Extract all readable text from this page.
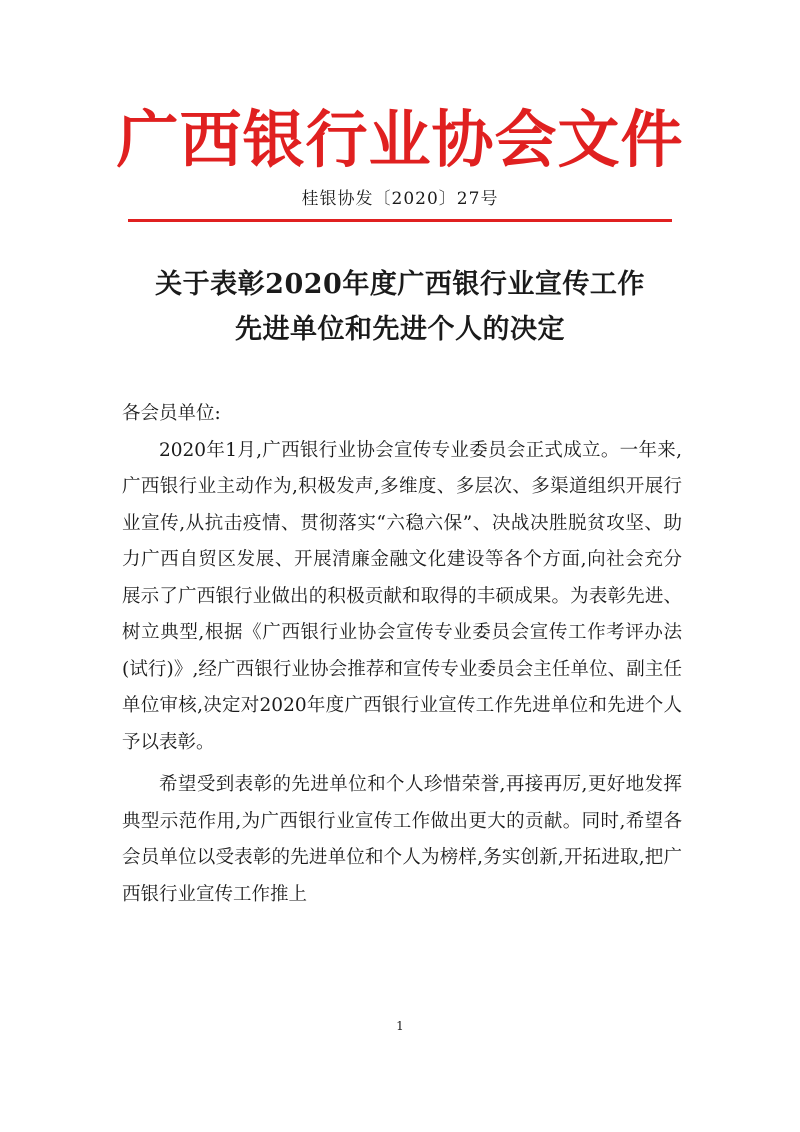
广西银行业协会文件
桂银协发〔2020〕27号
关于表彰2020年度广西银行业宣传工作
先进单位和先进个人的决定

各会员单位:

2020年1月,广西银行业协会宣传专业委员会正式成立。一年来,广西银行业主动作为,积极发声,多维度、多层次、多渠道组织开展行业宣传,从抗击疫情、贯彻落实“六稳六保”、决战决胜脱贫攻坚、助力广西自贸区发展、开展清廉金融文化建设等各个方面,向社会充分展示了广西银行业做出的积极贡献和取得的丰硕成果。为表彰先进、树立典型,根据《广西银行业协会宣传专业委员会宣传工作考评办法(试行)》,经广西银行业协会推荐和宣传专业委员会主任单位、副主任单位审核,决定对2020年度广西银行业宣传工作先进单位和先进个人予以表彰。

希望受到表彰的先进单位和个人珍惜荣誉,再接再厉,更好地发挥典型示范作用,为广西银行业宣传工作做出更大的贡献。同时,希望各会员单位以受表彰的先进单位和个人为榜样,务实创新,开拓进取,把广西银行业宣传工作推上

1
